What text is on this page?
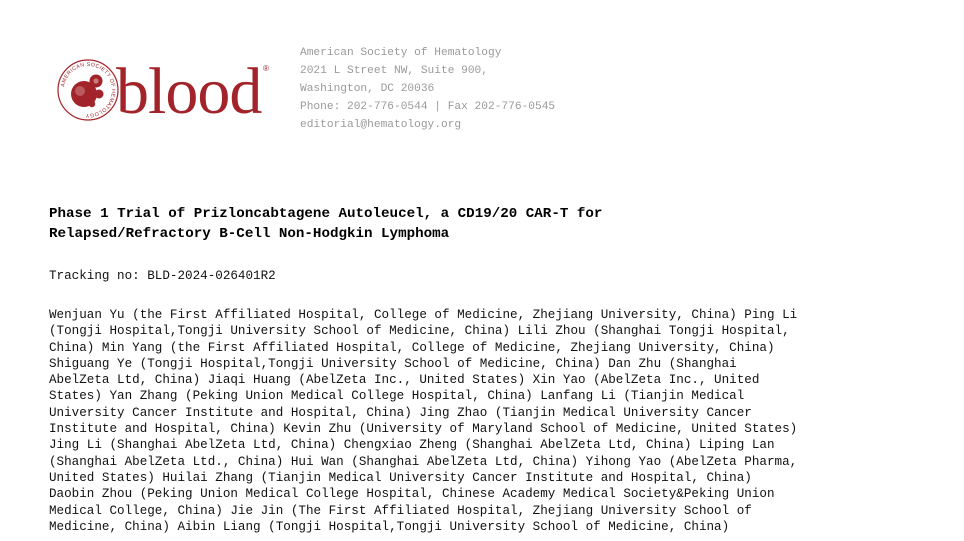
AMERICAN SOCIETY OF HEMATOLOGY blood ®
American Society of Hematology
2021 L Street NW, Suite 900,
Washington, DC 20036
Phone: 202-776-0544 | Fax 202-776-0545
editorial@hematology.org
Phase 1 Trial of Prizloncabtagene Autoleucel, a CD19/20 CAR-T for
Relapsed/Refractory B-Cell Non-Hodgkin Lymphoma
Tracking no: BLD-2024-026401R2
Wenjuan Yu (the First Affiliated Hospital, College of Medicine, Zhejiang University, China) Ping Li
(Tongji Hospital,Tongji University School of Medicine, China) Lili Zhou (Shanghai Tongji Hospital,
China) Min Yang (the First Affiliated Hospital, College of Medicine, Zhejiang University, China)
Shiguang Ye (Tongji Hospital,Tongji University School of Medicine, China) Dan Zhu (Shanghai
AbelZeta Ltd, China) Jiaqi Huang (AbelZeta Inc., United States) Xin Yao (AbelZeta Inc., United
States) Yan Zhang (Peking Union Medical College Hospital, China) Lanfang Li (Tianjin Medical
University Cancer Institute and Hospital, China) Jing Zhao (Tianjin Medical University Cancer
Institute and Hospital, China) Kevin Zhu (University of Maryland School of Medicine, United States)
Jing Li (Shanghai AbelZeta Ltd, China) Chengxiao Zheng (Shanghai AbelZeta Ltd, China) Liping Lan
(Shanghai AbelZeta Ltd., China) Hui Wan (Shanghai AbelZeta Ltd, China) Yihong Yao (AbelZeta Pharma,
United States) Huilai Zhang (Tianjin Medical University Cancer Institute and Hospital, China)
Daobin Zhou (Peking Union Medical College Hospital, Chinese Academy Medical Society&Peking Union
Medical College, China) Jie Jin (The First Affiliated Hospital, Zhejiang University School of
Medicine, China) Aibin Liang (Tongji Hospital,Tongji University School of Medicine, China)
